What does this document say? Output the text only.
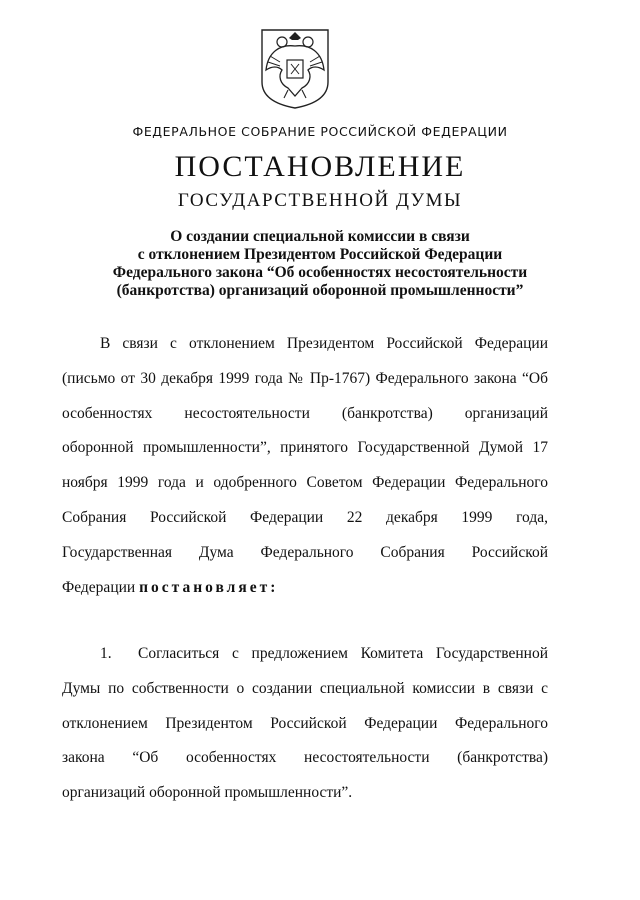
ФЕДЕРАЛЬНОЕ СОБРАНИЕ РОССИЙСКОЙ ФЕДЕРАЦИИ
ПОСТАНОВЛЕНИЕ
ГОСУДАРСТВЕННОЙ ДУМЫ
О создании специальной комиссии в связи
с отклонением Президентом Российской Федерации
Федерального закона “Об особенностях несостоятельности
(банкротства) организаций оборонной промышленности”
В связи с отклонением Президентом Российской Федерации
(письмо от 30 декабря 1999 года № Пр-1767) Федерального закона “Об
особенностях несостоятельности (банкротства) организаций
оборонной промышленности”, принятого Государственной Думой 17
ноября 1999 года и одобренного Советом Федерации Федерального
Собрания Российской Федерации 22 декабря 1999 года,
Государственная Дума Федерального Собрания Российской
Федерации постановляет:
1.	Согласиться с предложением Комитета Государственной
Думы по собственности о создании специальной комиссии в связи с
отклонением Президентом Российской Федерации Федерального
закона “Об особенностях несостоятельности (банкротства)
организаций оборонной промышленности”.
